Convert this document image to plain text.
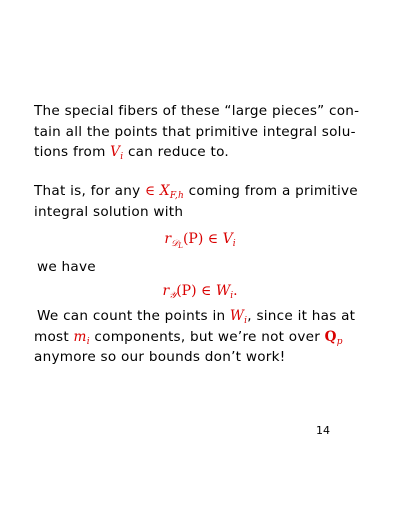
The special fibers of these “large pieces” con-
tain all the points that primitive integral solu-
tions from $V_i$ can reduce to.
That is, for any ∈ $X_{F,h}$ coming from a primitive
integral solution with
$r_{𝒟_L}(P)$ ∈ $V_i$
we have
$r_𝒴(P)$ ∈ $W_i$.
We can count the points in $W_i$, since it has at
most $m_i$ components, but we’re not over $Q_p$
anymore so our bounds don’t work!
14
